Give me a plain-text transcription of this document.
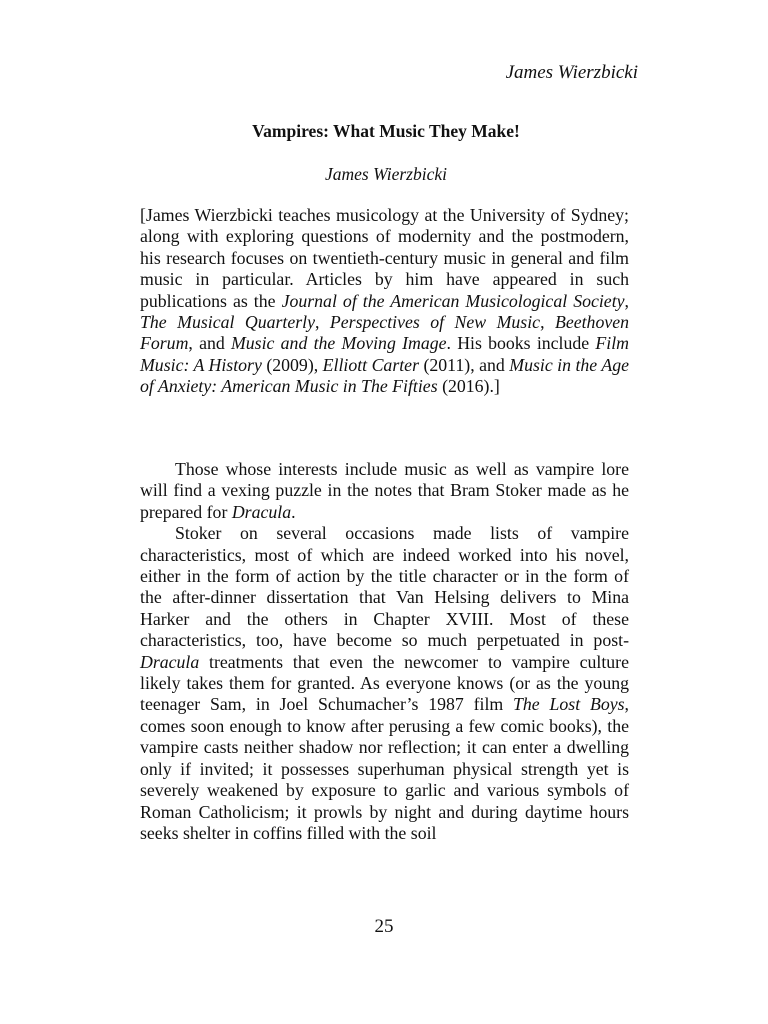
James Wierzbicki
Vampires: What Music They Make!
James Wierzbicki

[James Wierzbicki teaches musicology at the University of Sydney; along with exploring questions of modernity and the postmodern, his research focuses on twentieth-century music in general and film music in particular. Articles by him have appeared in such publications as the Journal of the American Musicological Society, The Musical Quarterly, Perspectives of New Music, Beethoven Forum, and Music and the Moving Image. His books include Film Music: A History (2009), Elliott Carter (2011), and Music in the Age of Anxiety: American Music in The Fifties (2016).]

Those whose interests include music as well as vampire lore will find a vexing puzzle in the notes that Bram Stoker made as he prepared for Dracula.

Stoker on several occasions made lists of vampire characteristics, most of which are indeed worked into his novel, either in the form of action by the title character or in the form of the after-dinner dissertation that Van Helsing delivers to Mina Harker and the others in Chapter XVIII. Most of these characteristics, too, have become so much perpetuated in post-Dracula treatments that even the newcomer to vampire culture likely takes them for granted. As everyone knows (or as the young teenager Sam, in Joel Schumacher’s 1987 film The Lost Boys, comes soon enough to know after perusing a few comic books), the vampire casts neither shadow nor reflection; it can enter a dwelling only if invited; it possesses superhuman physical strength yet is severely weakened by exposure to garlic and various symbols of Roman Catholicism; it prowls by night and during daytime hours seeks shelter in coffins filled with the soil

25
